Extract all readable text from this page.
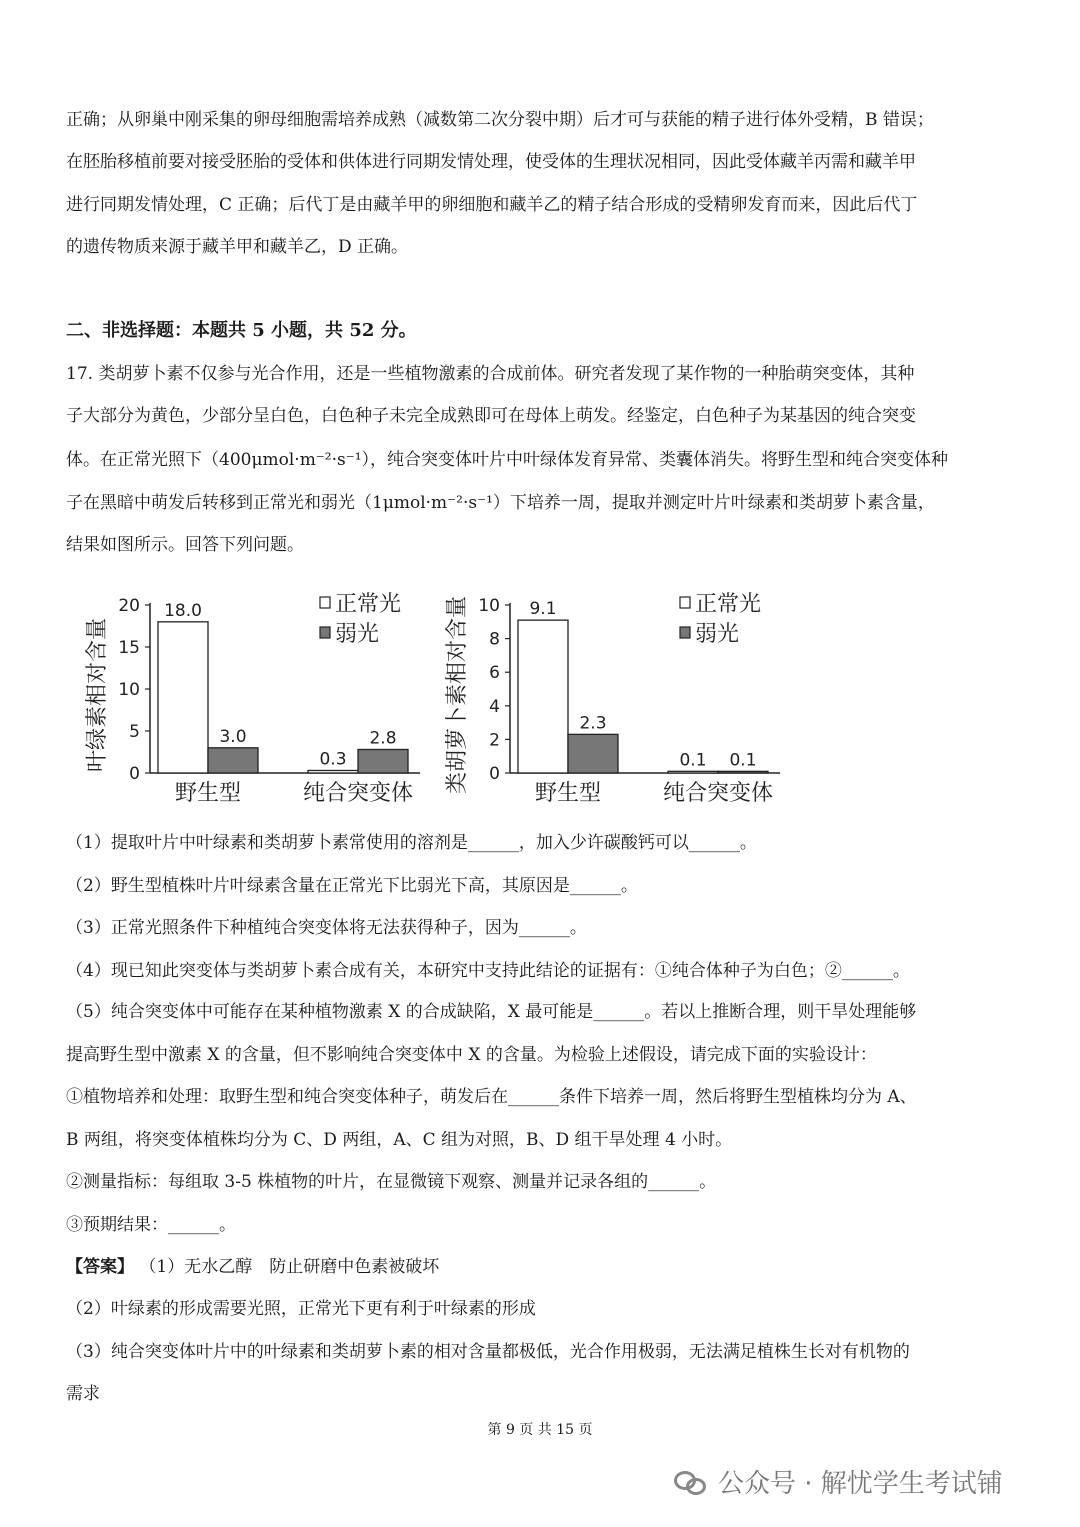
正确；从卵巢中刚采集的卵母细胞需培养成熟（减数第二次分裂中期）后才可与获能的精子进行体外受精，B 错误；
在胚胎移植前要对接受胚胎的受体和供体进行同期发情处理，使受体的生理状况相同，因此受体藏羊丙需和藏羊甲
进行同期发情处理，C 正确；后代丁是由藏羊甲的卵细胞和藏羊乙的精子结合形成的受精卵发育而来，因此后代丁
的遗传物质来源于藏羊甲和藏羊乙，D 正确。
二、非选择题：本题共 5 小题，共 52 分。
17. 类胡萝卜素不仅参与光合作用，还是一些植物激素的合成前体。研究者发现了某作物的一种胎萌突变体，其种
子大部分为黄色，少部分呈白色，白色种子未完全成熟即可在母体上萌发。经鉴定，白色种子为某基因的纯合突变
体。在正常光照下（400μmol·m⁻²·s⁻¹），纯合突变体叶片中叶绿体发育异常、类囊体消失。将野生型和纯合突变体种
子在黑暗中萌发后转移到正常光和弱光（1μmol·m⁻²·s⁻¹）下培养一周，提取并测定叶片叶绿素和类胡萝卜素含量，
结果如图所示。回答下列问题。
叶绿素相对含量
0
5
10
15
20 18.0
3.0
野生型
0.3
2.8
纯合突变体
正常光
弱光	类胡萝卜素相对含量 0
2
4
6
8
10 9.1
2.3
野生型
0.1 0.1
纯合突变体
正常光
弱光
（1）提取叶片中叶绿素和类胡萝卜素常使用的溶剂是______，加入少许碳酸钙可以______。
（2）野生型植株叶片叶绿素含量在正常光下比弱光下高，其原因是______。
（3）正常光照条件下种植纯合突变体将无法获得种子，因为______。
（4）现已知此突变体与类胡萝卜素合成有关，本研究中支持此结论的证据有：①纯合体种子为白色；②______。
（5）纯合突变体中可能存在某种植物激素 X 的合成缺陷，X 最可能是______。若以上推断合理，则干旱处理能够
提高野生型中激素 X 的含量，但不影响纯合突变体中 X 的含量。为检验上述假设，请完成下面的实验设计：
①植物培养和处理：取野生型和纯合突变体种子，萌发后在______条件下培养一周，然后将野生型植株均分为 A、
B 两组，将突变体植株均分为 C、D 两组，A、C 组为对照，B、D 组干旱处理 4 小时。
②测量指标：每组取 3-5 株植物的叶片，在显微镜下观察、测量并记录各组的______。
③预期结果：______。
【答案】 （1）无水乙醇　防止研磨中色素被破坏
（2）叶绿素的形成需要光照，正常光下更有利于叶绿素的形成
（3）纯合突变体叶片中的叶绿素和类胡萝卜素的相对含量都极低，光合作用极弱，无法满足植株生长对有机物的
需求
第 9 页 共 15 页
公众号 · 解忧学生考试铺
